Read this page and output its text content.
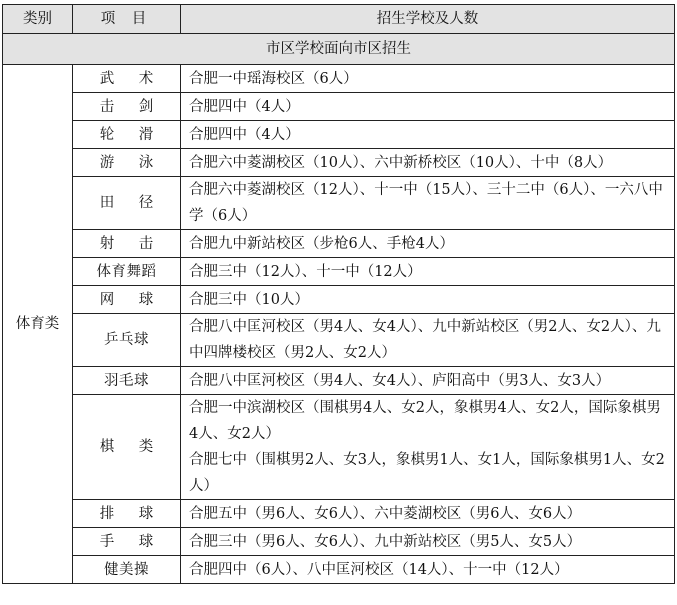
类别	项 目	招生学校及人数
市区学校面向市区招生		
体育类	武 术	合肥一中瑶海校区（6人）
	击 剑	合肥四中（4人）
	轮 滑	合肥四中（4人）
	游 泳	合肥六中菱湖校区（10人）、六中新桥校区（10人）、十中（8人）
	田 径	合肥六中菱湖校区（12人）、十一中（15人）、三十二中（6人）、一六八中学（6人）
	射 击	合肥九中新站校区（步枪6人、手枪4人）
	体育舞蹈	合肥三中（12人）、十一中（12人）
	网 球	合肥三中（10人）
	乒乓球	合肥八中匡河校区（男4人、女4人）、九中新站校区（男2人、女2人）、九中四牌楼校区（男2人、女2人）
	羽毛球	合肥八中匡河校区（男4人、女4人）、庐阳高中（男3人、女3人）
	棋 类	合肥一中滨湖校区（围棋男4人、女2人，象棋男4人、女2人，国际象棋男4人、女2人）
合肥七中（围棋男2人、女3人，象棋男1人、女1人，国际象棋男1人、女2人）

	排 球	合肥五中（男6人、女6人）、六中菱湖校区（男6人、女6人）
	手 球	合肥三中（男6人、女6人）、九中新站校区（男5人、女5人）
	健美操	合肥四中（6人）、八中匡河校区（14人）、十一中（12人）
